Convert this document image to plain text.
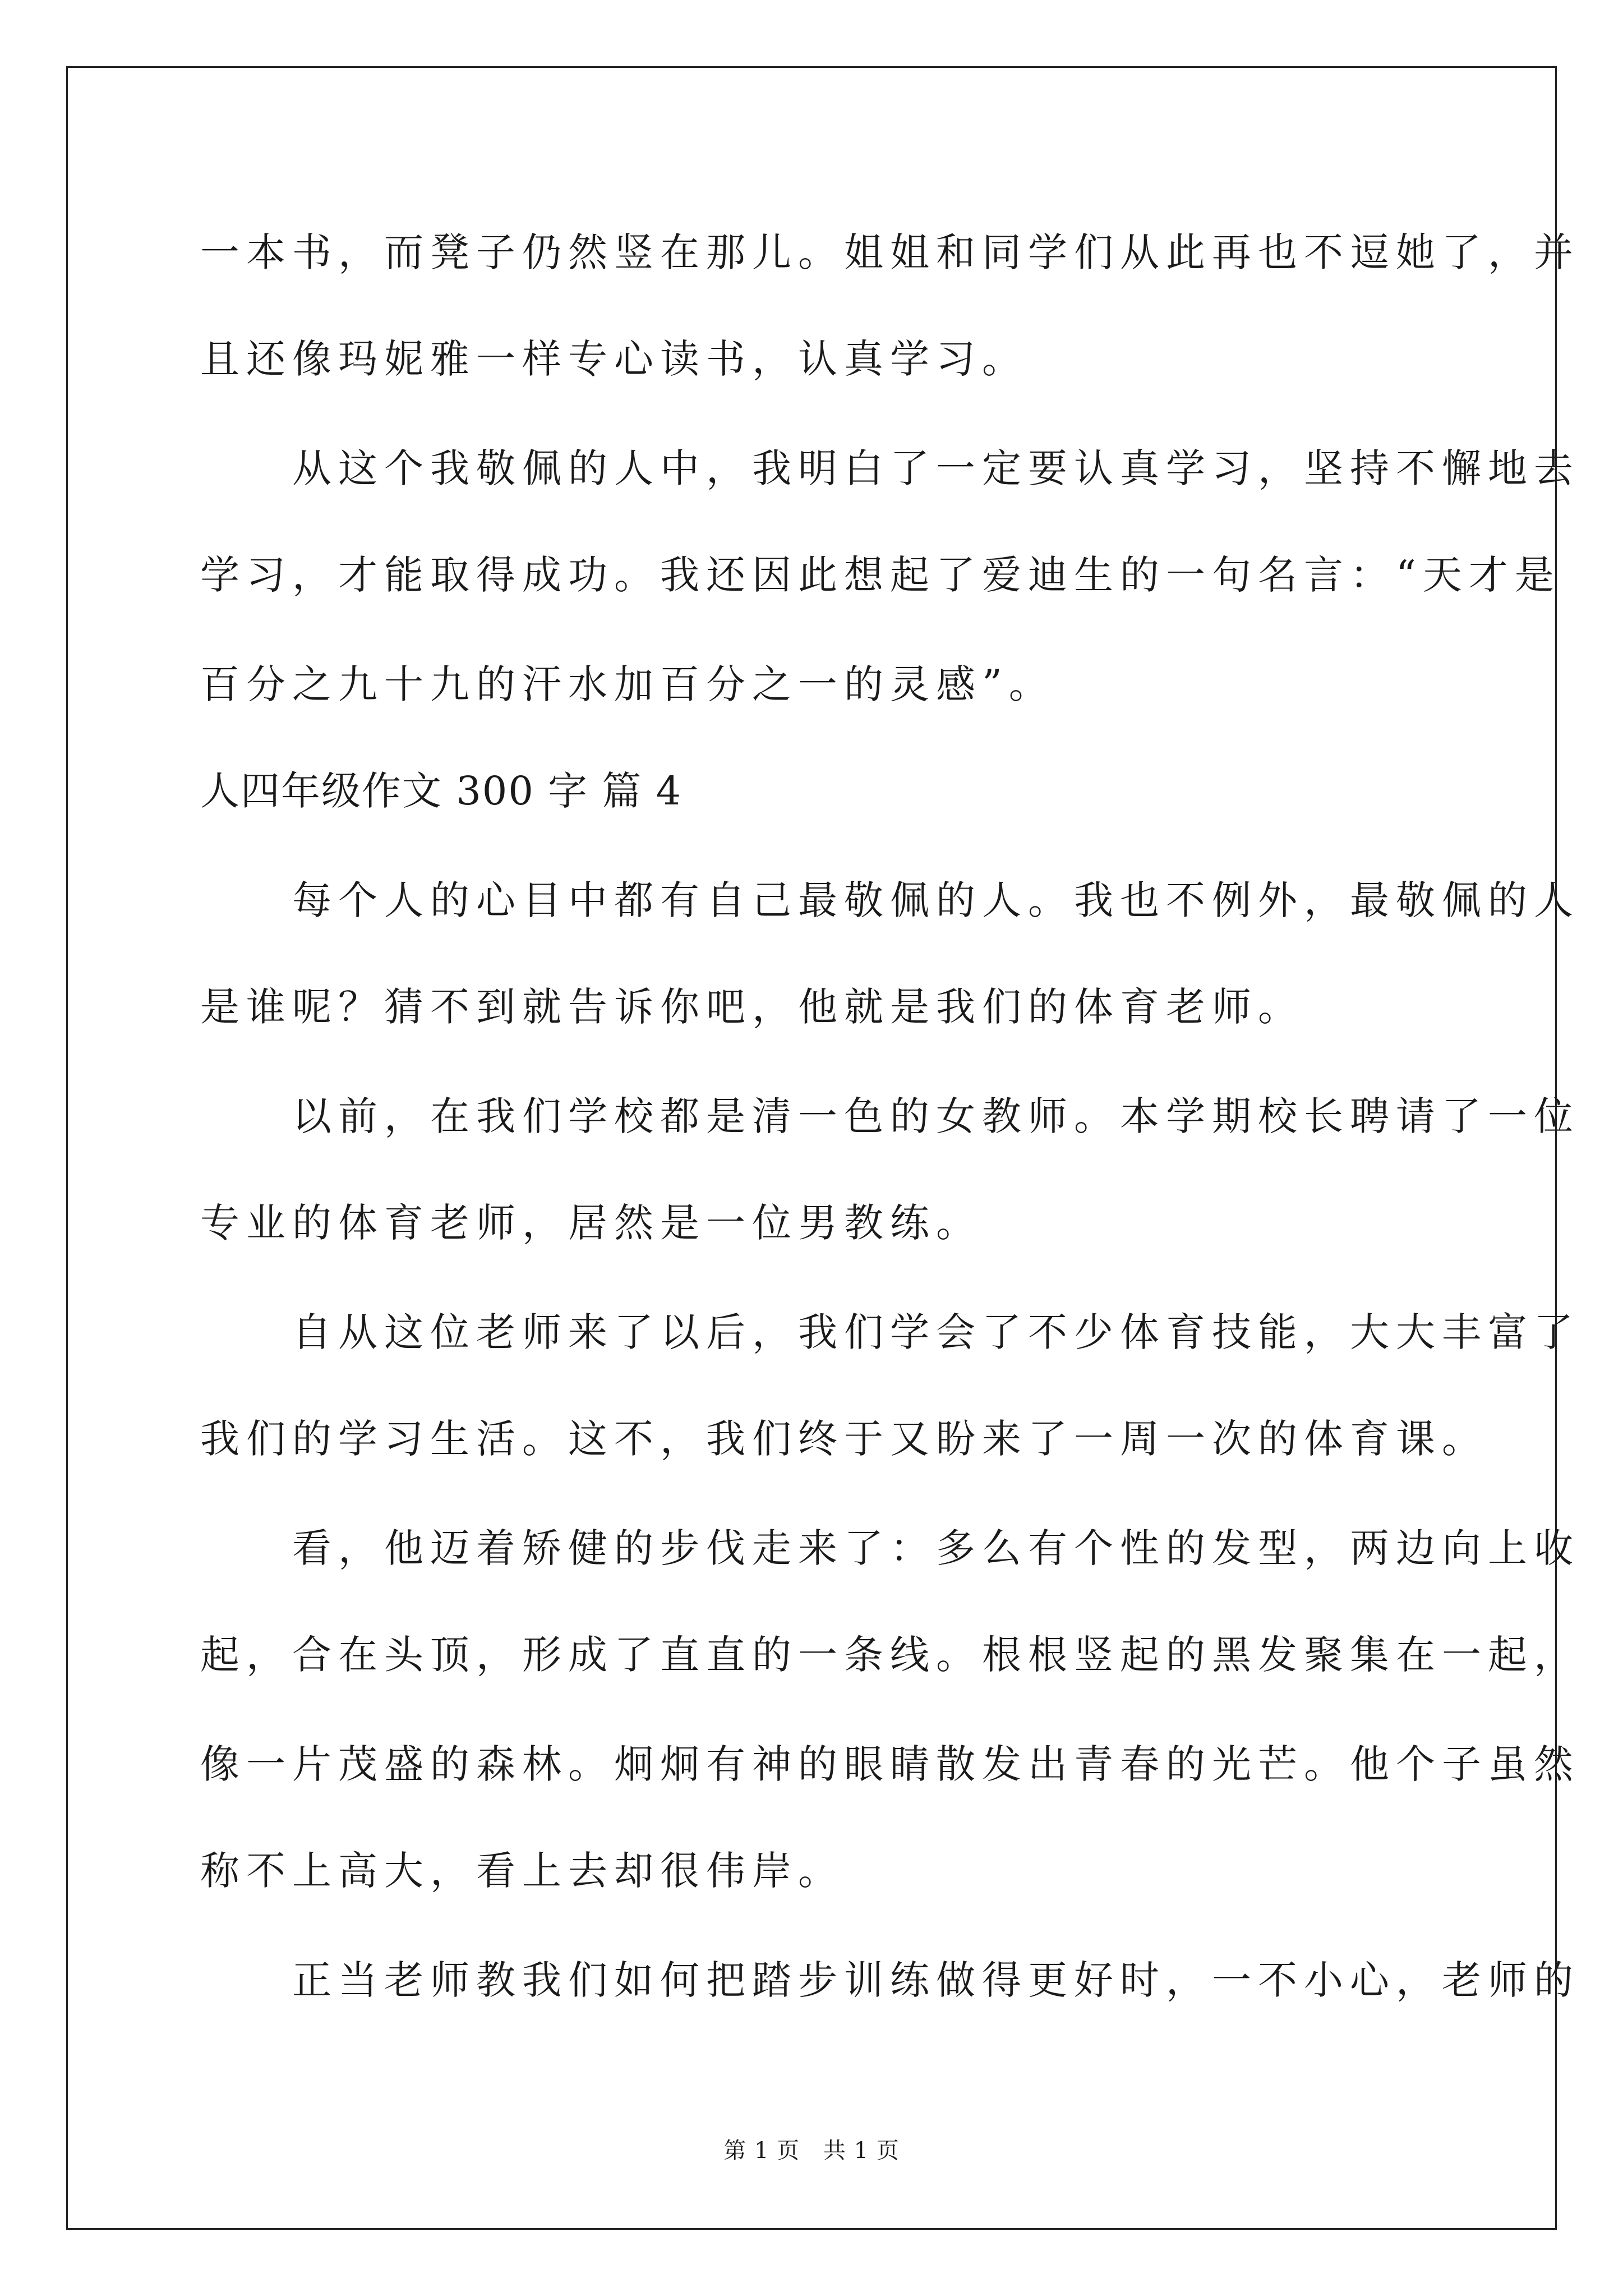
一本书，而凳子仍然竖在那儿。姐姐和同学们从此再也不逗她了，并
且还像玛妮雅一样专心读书，认真学习。
　　从这个我敬佩的人中，我明白了一定要认真学习，坚持不懈地去
学习，才能取得成功。我还因此想起了爱迪生的一句名言：“天才是
百分之九十九的汗水加百分之一的灵感”。
人四年级作文 300 字 篇 4
　　每个人的心目中都有自己最敬佩的人。我也不例外，最敬佩的人
是谁呢？猜不到就告诉你吧，他就是我们的体育老师。
　　以前，在我们学校都是清一色的女教师。本学期校长聘请了一位
专业的体育老师，居然是一位男教练。
　　自从这位老师来了以后，我们学会了不少体育技能，大大丰富了
我们的学习生活。这不，我们终于又盼来了一周一次的体育课。
　　看，他迈着矫健的步伐走来了：多么有个性的发型，两边向上收
起，合在头顶，形成了直直的一条线。根根竖起的黑发聚集在一起，
像一片茂盛的森林。炯炯有神的眼睛散发出青春的光芒。他个子虽然
称不上高大，看上去却很伟岸。
　　正当老师教我们如何把踏步训练做得更好时，一不小心，老师的
第 1 页 共 1 页
